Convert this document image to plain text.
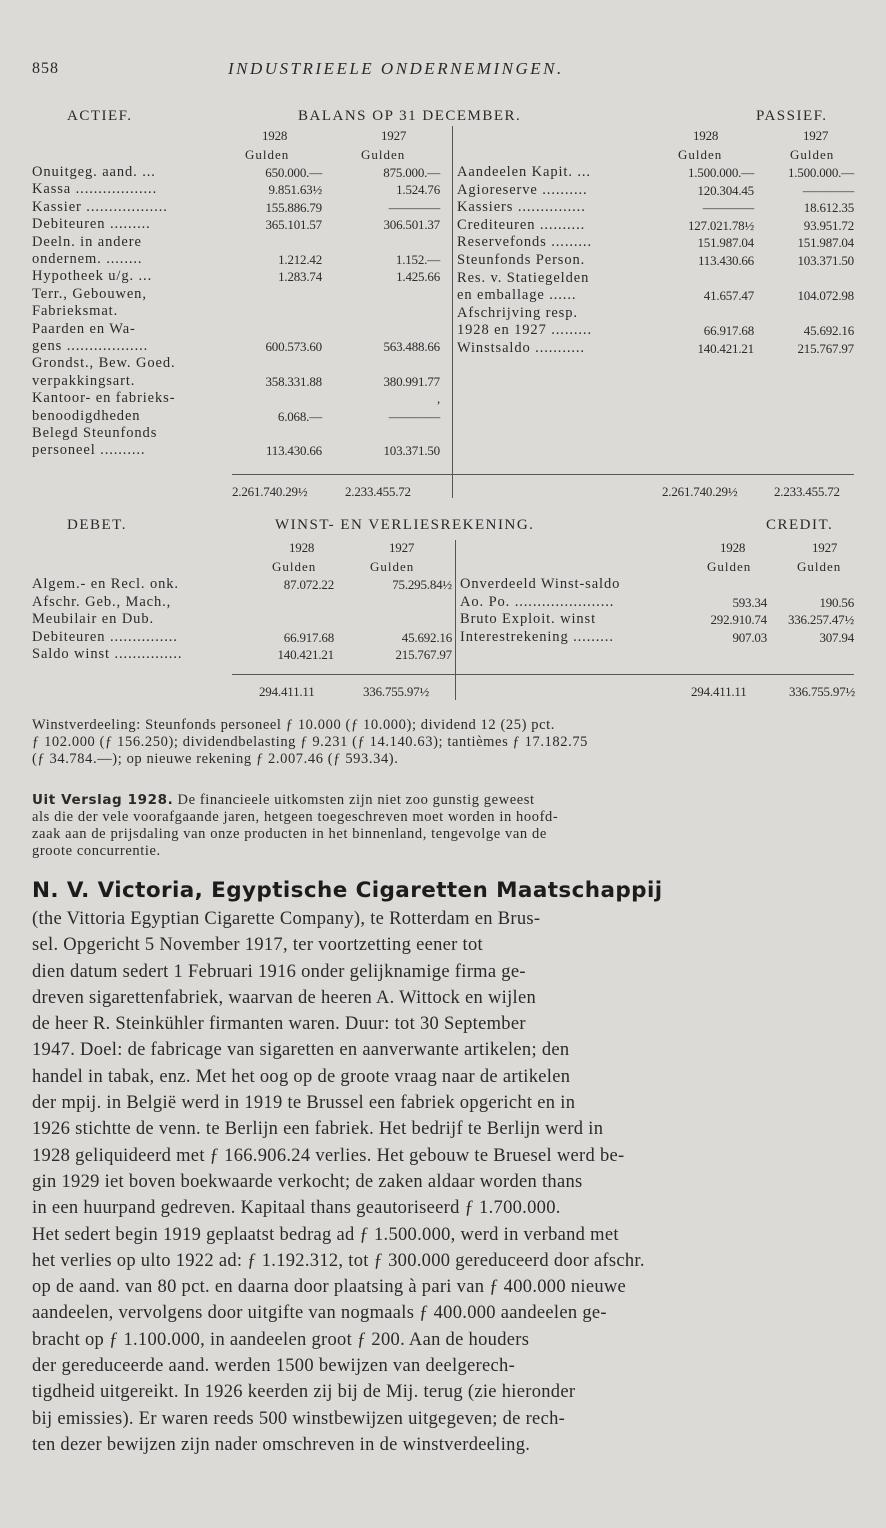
858	INDUSTRIEELE ONDERNEMINGEN.
ACTIEF.	BALANS OP 31 DECEMBER.	PASSIEF.
1928	1927	1928	1927
Gulden	Gulden	Gulden	Gulden
Onuitgeg. aand. ...	650.000.—	875.000.—
Kassa ..................	9.851.63½	1.524.76
Kassier ..................	155.886.79	————
Debiteuren .........	365.101.57	306.501.37
Deeln. in andere
ondernem. ........	1.212.42	1.152.—
Hypotheek u/g. ...	1.283.74	1.425.66
Terr., Gebouwen,
Fabrieksmat.
Paarden en Wa-
gens ..................	600.573.60	563.488.66
Grondst., Bew. Goed.
verpakkingsart.	358.331.88	380.991.77
Kantoor- en fabrieks-	,
benoodigdheden	6.068.—	————
Belegd Steunfonds
personeel ..........	113.430.66	103.371.50
Aandeelen Kapit. ...	1.500.000.—	1.500.000.—
Agioreserve ..........	120.304.45	————
Kassiers ...............	————	18.612.35
Crediteuren ..........	127.021.78½	93.951.72
Reservefonds .........	151.987.04	151.987.04
Steunfonds Person.	113.430.66	103.371.50
Res. v. Statiegelden
en emballage ......	41.657.47	104.072.98
Afschrijving resp.
1928 en 1927 .........	66.917.68	45.692.16
Winstsaldo ...........	140.421.21	215.767.97
2.261.740.29½	2.233.455.72	2.261.740.29½	2.233.455.72
DEBET.	WINST- EN VERLIESREKENING.	CREDIT.
1928	1927	1928	1927
Gulden	Gulden	Gulden	Gulden
Algem.- en Recl. onk.	87.072.22	75.295.84½
Afschr. Geb., Mach.,
Meubilair en Dub.
Debiteuren ...............	66.917.68	45.692.16
Saldo winst ...............	140.421.21	215.767.97
Onverdeeld Winst-saldo
Ao. Po. ......................	593.34	190.56
Bruto Exploit. winst	292.910.74 336.257.47½
Interestrekening .........	907.03	307.94
294.411.11	336.755.97½	294.411.11	336.755.97½
Winstverdeeling: Steunfonds personeel ƒ 10.000 (ƒ 10.000); dividend 12 (25) pct.
ƒ 102.000 (ƒ 156.250); dividendbelasting ƒ 9.231 (ƒ 14.140.63); tantièmes ƒ 17.182.75
(ƒ 34.784.—); op nieuwe rekening ƒ 2.007.46 (ƒ 593.34).
Uit Verslag 1928. De financieele uitkomsten zijn niet zoo gunstig geweest
als die der vele voorafgaande jaren, hetgeen toegeschreven moet worden in hoofd-
zaak aan de prijsdaling van onze producten in het binnenland, tengevolge van de
groote concurrentie.
N. V. Victoria, Egyptische Cigaretten Maatschappij
(the Vittoria Egyptian Cigarette Company), te Rotterdam en Brus-
sel. Opgericht 5 November 1917, ter voortzetting eener tot
dien datum sedert 1 Februari 1916 onder gelijknamige firma ge-
dreven sigarettenfabriek, waarvan de heeren A. Wittock en wijlen
de heer R. Steinkühler firmanten waren. Duur: tot 30 September
1947. Doel: de fabricage van sigaretten en aanverwante artikelen; den
handel in tabak, enz. Met het oog op de groote vraag naar de artikelen
der mpij. in België werd in 1919 te Brussel een fabriek opgericht en in
1926 stichtte de venn. te Berlijn een fabriek. Het bedrijf te Berlijn werd in
1928 geliquideerd met ƒ 166.906.24 verlies. Het gebouw te Bruesel werd be-
gin 1929 iet boven boekwaarde verkocht; de zaken aldaar worden thans
in een huurpand gedreven. Kapitaal thans geautoriseerd ƒ 1.700.000.
Het sedert begin 1919 geplaatst bedrag ad ƒ 1.500.000, werd in verband met
het verlies op ulto 1922 ad: ƒ 1.192.312, tot ƒ 300.000 gereduceerd door afschr.
op de aand. van 80 pct. en daarna door plaatsing à pari van ƒ 400.000 nieuwe
aandeelen, vervolgens door uitgifte van nogmaals ƒ 400.000 aandeelen ge-
bracht op ƒ 1.100.000, in aandeelen groot ƒ 200. Aan de houders
der gereduceerde aand. werden 1500 bewijzen van deelgerech-
tigdheid uitgereikt. In 1926 keerden zij bij de Mij. terug (zie hieronder
bij emissies). Er waren reeds 500 winstbewijzen uitgegeven; de rech-
ten dezer bewijzen zijn nader omschreven in de winstverdeeling.
